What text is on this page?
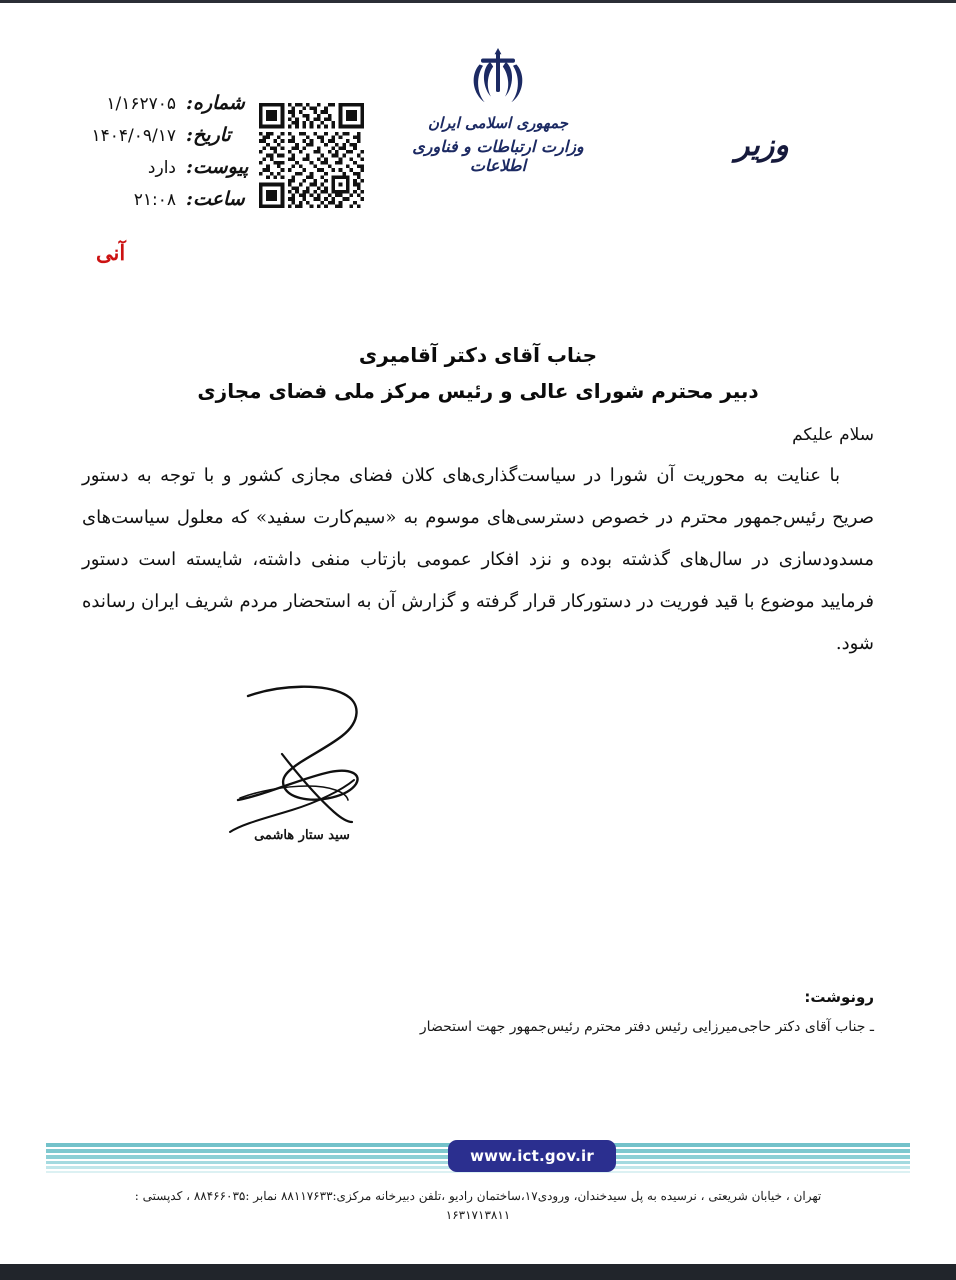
شماره:
۱/۱۶۲۷۰۵
تاریخ:
۱۴۰۴/۰۹/۱۷
پیوست:
دارد
ساعت:
۲۱:۰۸
آنی
جمهوری اسلامی ایران
وزارت ارتباطات و فناوری اطلاعات
وزیر
جناب آقای دکتر آقامیری
دبیر محترم شورای عالی و رئیس مرکز ملی فضای مجازی
سلام علیکم
با عنایت به محوریت آن شورا در سیاست‌گذاری‌های کلان فضای مجازی کشور و با توجه به دستور صریح رئیس‌جمهور محترم در خصوص دسترسی‌های موسوم به «سیم‌کارت سفید» که معلول سیاست‌های مسدودسازی در سال‌های گذشته بوده و نزد افکار عمومی بازتاب منفی داشته، شایسته است دستور فرمایید موضوع با قید فوریت در دستورکار قرار گرفته و گزارش آن به استحضار مردم شریف ایران رسانده شود.
سید ستار هاشمی
رونوشت:
ـ جناب آقای دکتر حاجی‌میرزایی رئیس دفتر محترم رئیس‌جمهور جهت استحضار
www.ict.gov.ir
تهران ، خیابان شریعتی ، نرسیده به پل سیدخندان، ورودی۱۷،ساختمان رادیو ،تلفن دبیرخانه مرکزی:۸۸۱۱۷۶۳۳ نمابر :۸۸۴۶۶۰۳۵ ، کدپستی :
۱۶۳۱۷۱۳۸۱۱
